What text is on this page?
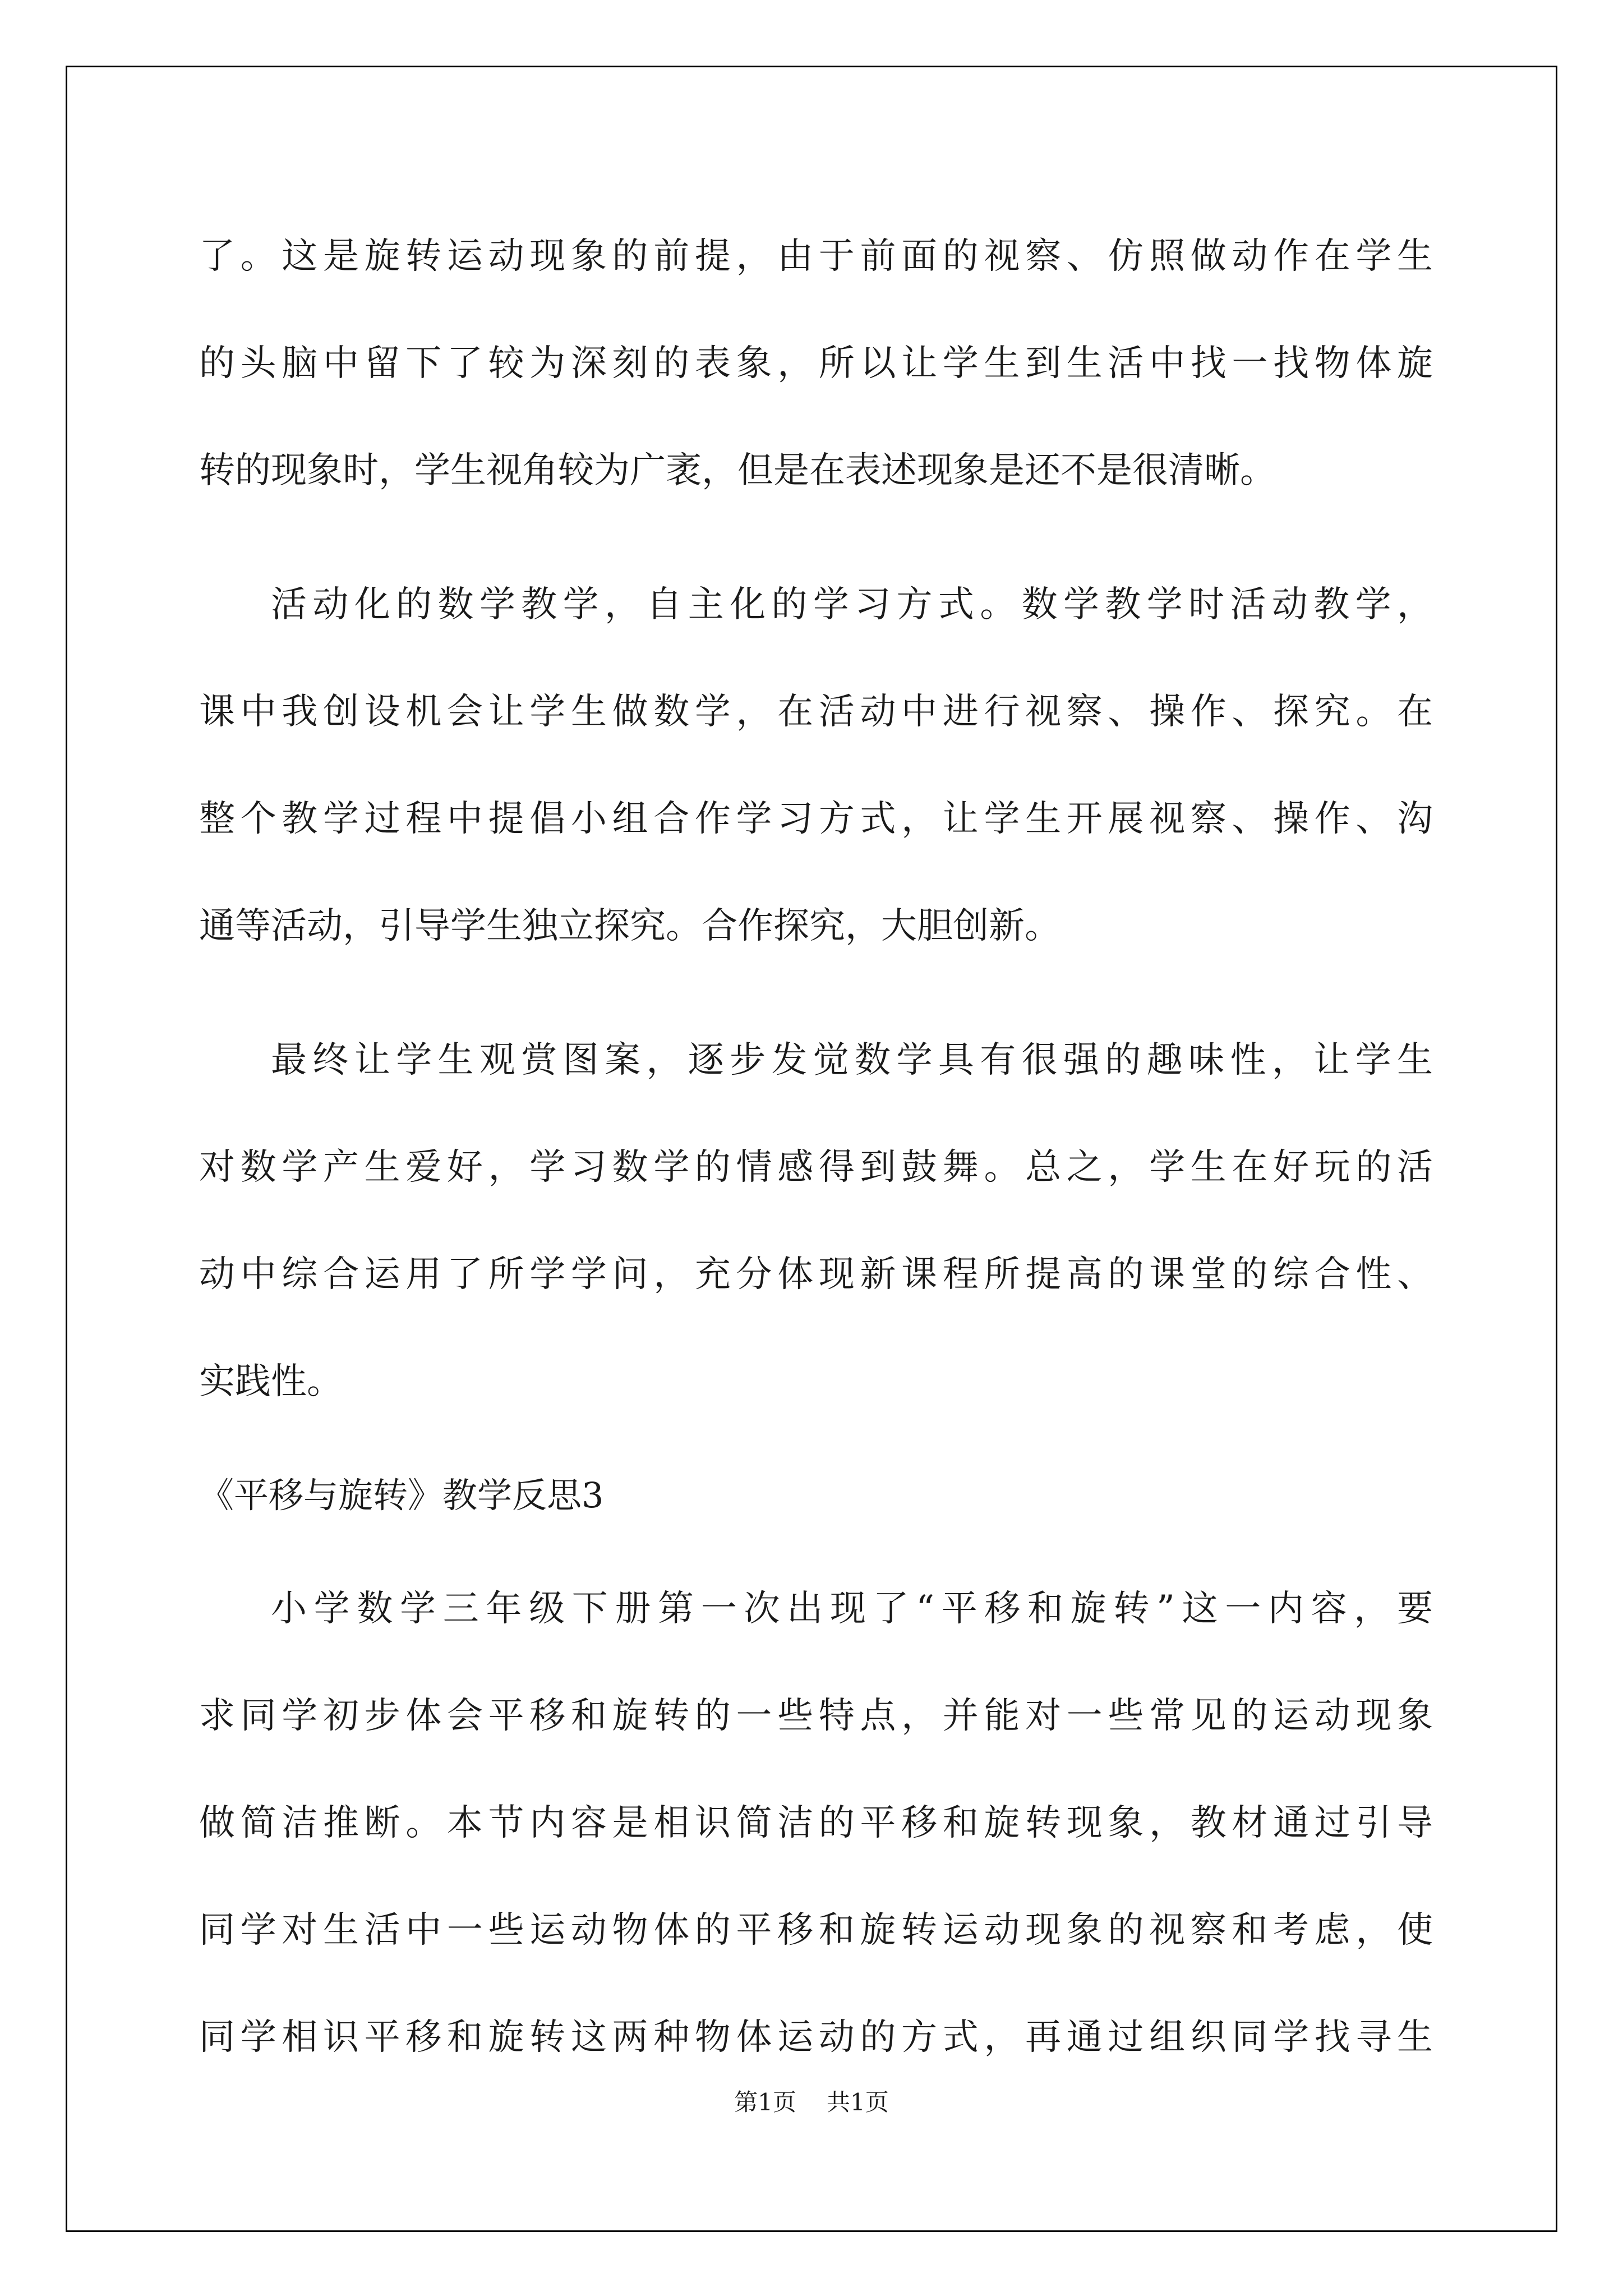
了。这是旋转运动现象的前提，由于前面的视察、仿照做动作在学生
的头脑中留下了较为深刻的表象，所以让学生到生活中找一找物体旋
转的现象时，学生视角较为广袤，但是在表述现象是还不是很清晰。
活动化的数学教学，自主化的学习方式。数学教学时活动教学，
课中我创设机会让学生做数学，在活动中进行视察、操作、探究。在
整个教学过程中提倡小组合作学习方式，让学生开展视察、操作、沟
通等活动，引导学生独立探究。合作探究，大胆创新。
最终让学生观赏图案，逐步发觉数学具有很强的趣味性，让学生
对数学产生爱好，学习数学的情感得到鼓舞。总之，学生在好玩的活
动中综合运用了所学学问，充分体现新课程所提高的课堂的综合性、
实践性。
《平移与旋转》教学反思3
小学数学三年级下册第一次出现了“平移和旋转”这一内容，要
求同学初步体会平移和旋转的一些特点，并能对一些常见的运动现象
做简洁推断。本节内容是相识简洁的平移和旋转现象，教材通过引导
同学对生活中一些运动物体的平移和旋转运动现象的视察和考虑，使
同学相识平移和旋转这两种物体运动的方式，再通过组织同学找寻生
第1页 共1页
